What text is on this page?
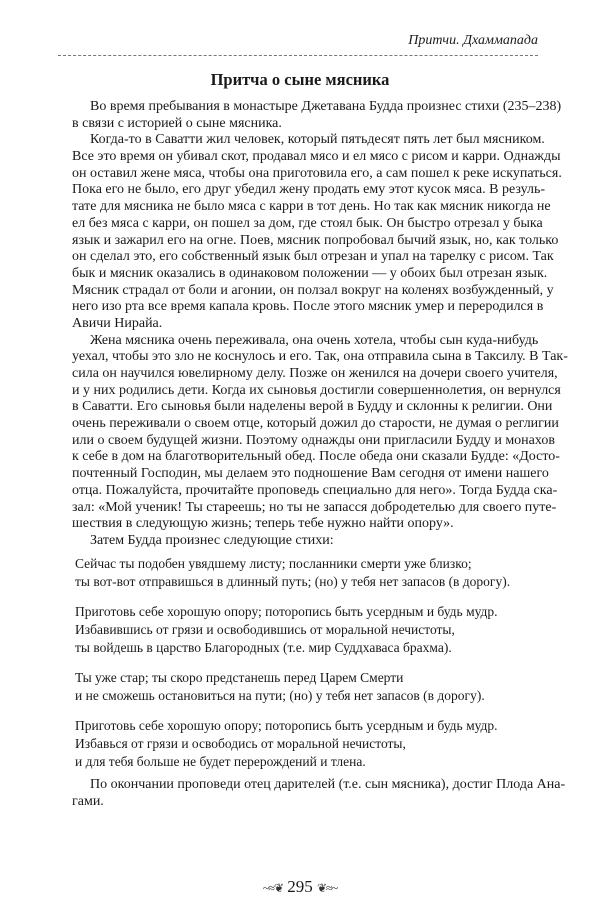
Притчи. Дхаммапада
Притча о сыне мясника
Во время пребывания в монастыре Джетавана Будда произнес стихи (235–238)
в связи с историей о сыне мясника.
Когда-то в Саватти жил человек, который пятьдесят пять лет был мясником.
Все это время он убивал скот, продавал мясо и ел мясо с рисом и карри. Однажды
он оставил жене мяса, чтобы она приготовила его, а сам пошел к реке искупаться.
Пока его не было, его друг убедил жену продать ему этот кусок мяса. В резуль-
тате для мясника не было мяса с карри в тот день. Но так как мясник никогда не
ел без мяса с карри, он пошел за дом, где стоял бык. Он быстро отрезал у быка
язык и зажарил его на огне. Поев, мясник попробовал бычий язык, но, как только
он сделал это, его собственный язык был отрезан и упал на тарелку с рисом. Так
бык и мясник оказались в одинаковом положении — у обоих был отрезан язык.
Мясник страдал от боли и агонии, он ползал вокруг на коленях возбужденный, у
него изо рта все время капала кровь. После этого мясник умер и переродился в
Авичи Нирайа.
Жена мясника очень переживала, она очень хотела, чтобы сын куда-нибудь
уехал, чтобы это зло не коснулось и его. Так, она отправила сына в Таксилу. В Так-
сила он научился ювелирному делу. Позже он женился на дочери своего учителя,
и у них родились дети. Когда их сыновья достигли совершеннолетия, он вернулся
в Саватти. Его сыновья были наделены верой в Будду и склонны к религии. Они
очень переживали о своем отце, который дожил до старости, не думая о реглигии
или о своем будущей жизни. Поэтому однажды они пригласили Будду и монахов
к себе в дом на благотворительный обед. После обеда они сказали Будде: «Досто-
почтенный Господин, мы делаем это подношение Вам сегодня от имени нашего
отца. Пожалуйста, прочитайте проповедь специально для него». Тогда Будда ска-
зал: «Мой ученик! Ты стареешь; но ты не запасся добродетелью для своего путе-
шествия в следующую жизнь; теперь тебе нужно найти опору».
Затем Будда произнес следующие стихи:
Сейчас ты подобен увядшему листу; посланники смерти уже близко;
ты вот-вот отправишься в длинный путь; (но) у тебя нет запасов (в дорогу).
Приготовь себе хорошую опору; поторопись быть усердным и будь мудр.
Избавившись от грязи и освободившись от моральной нечистоты,
ты войдешь в царство Благородных (т.е. мир Суддхаваса брахма).
Ты уже стар; ты скоро предстанешь перед Царем Смерти
и не сможешь остановиться на пути; (но) у тебя нет запасов (в дорогу).
Приготовь себе хорошую опору; поторопись быть усердным и будь мудр.
Избавься от грязи и освободись от моральной нечистоты,
и для тебя больше не будет перерождений и тлена.
По окончании проповеди отец дарителей (т.е. сын мясника), достиг Плода Ана-
гами.
~≈❦ 295 ❦≈~
